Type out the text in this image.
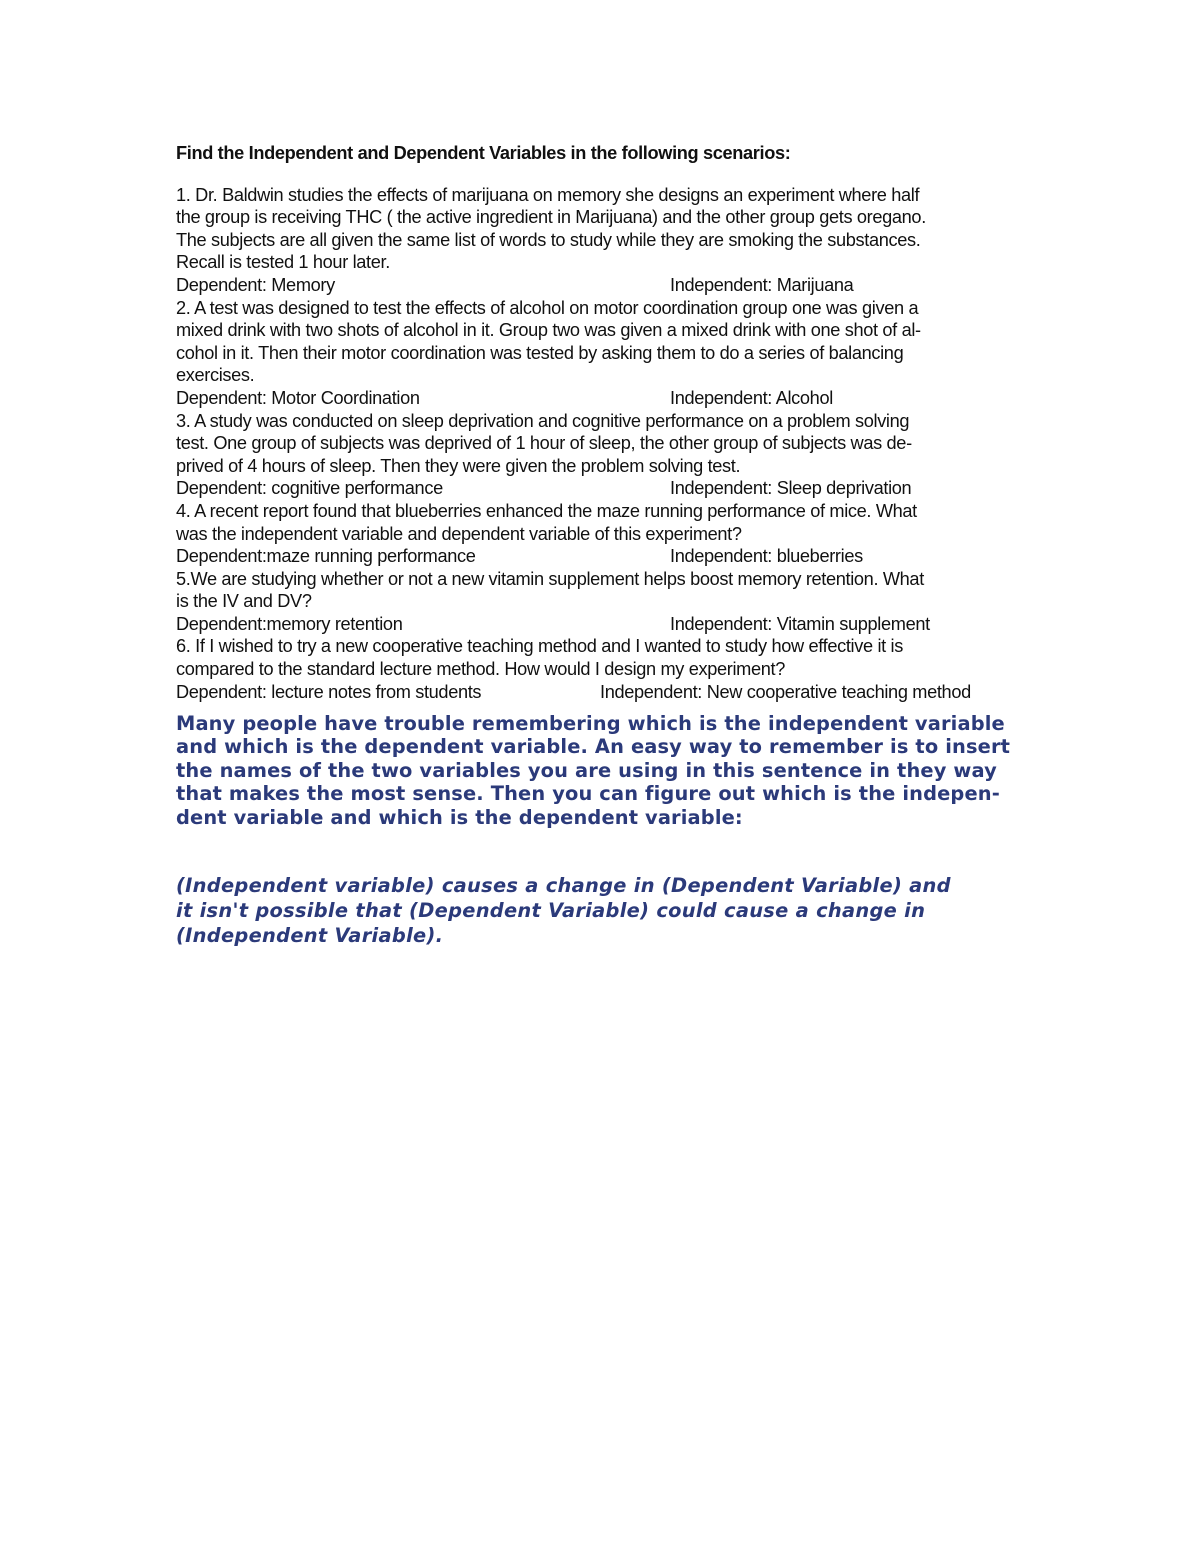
Find the Independent and Dependent Variables in the following scenarios:
1. Dr. Baldwin studies the effects of marijuana on memory she designs an experiment where half
the group is receiving THC ( the active ingredient in Marijuana) and the other group gets oregano.
The subjects are all given the same list of words to study while they are smoking the substances.
Recall is tested 1 hour later.
Dependent: Memory	Independent: Marijuana
2. A test was designed to test the effects of alcohol on motor coordination group one was given a
mixed drink with two shots of alcohol in it. Group two was given a mixed drink with one shot of al-
cohol in it. Then their motor coordination was tested by asking them to do a series of balancing
exercises.
Dependent: Motor Coordination	Independent: Alcohol
3. A study was conducted on sleep deprivation and cognitive performance on a problem solving
test. One group of subjects was deprived of 1 hour of sleep, the other group of subjects was de-
prived of 4 hours of sleep. Then they were given the problem solving test.
Dependent: cognitive performance	Independent: Sleep deprivation
4. A recent report found that blueberries enhanced the maze running performance of mice. What
was the independent variable and dependent variable of this experiment?
Dependent:maze running performance	Independent: blueberries
5.We are studying whether or not a new vitamin supplement helps boost memory retention. What
is the IV and DV?
Dependent:memory retention	Independent: Vitamin supplement
6. If I wished to try a new cooperative teaching method and I wanted to study how effective it is
compared to the standard lecture method. How would I design my experiment?
Dependent: lecture notes from students	Independent: New cooperative teaching method
Many people have trouble remembering which is the independent variable
and which is the dependent variable. An easy way to remember is to insert
the names of the two variables you are using in this sentence in they way
that makes the most sense. Then you can figure out which is the indepen-
dent variable and which is the dependent variable:
(Independent variable) causes a change in (Dependent Variable) and
it isn't possible that (Dependent Variable) could cause a change in
(Independent Variable).
